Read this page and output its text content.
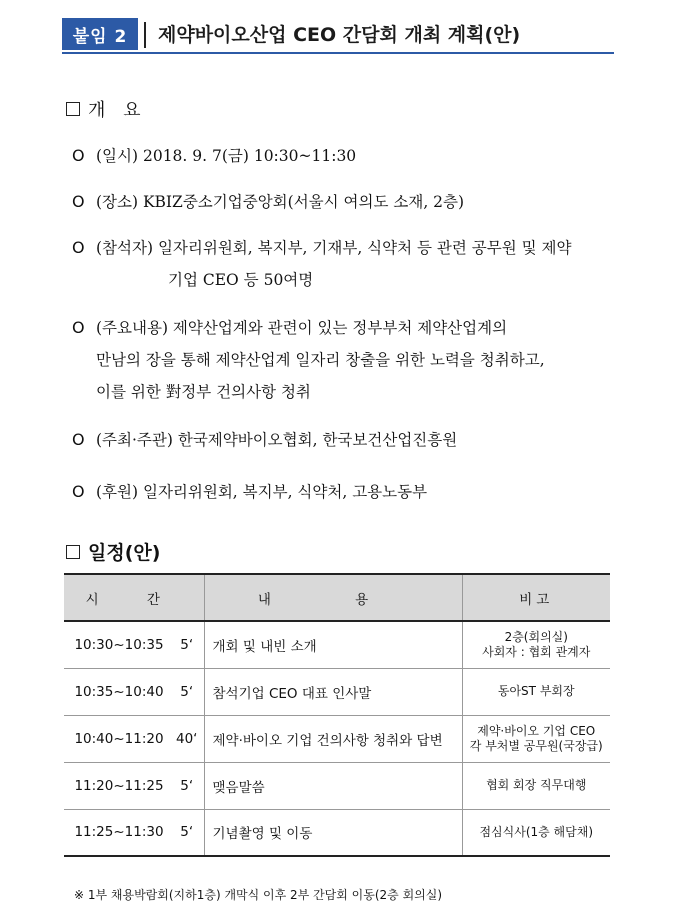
붙임 2	제약바이오산업 CEO 간담회 개최 계획(안)
개 요
O (일시) 2018. 9. 7(금) 10:30~11:30
O (장소) KBIZ중소기업중앙회(서울시 여의도 소재, 2층)
O (참석자) 일자리위원회, 복지부, 기재부, 식약처 등 관련 공무원 및 제약
기업 CEO 등 50여명
O (주요내용) 제약산업계와 관련이 있는 정부부처 제약산업계의
만남의 장을 통해 제약산업계 일자리 창출을 위한 노력을 청취하고,
이를 위한 對정부 건의사항 청취
O (주최·주관) 한국제약바이오협회, 한국보건산업진흥원
O (후원) 일자리위원회, 복지부, 식약처, 고용노동부
일정(안)
시 간		내 용	비고
10:30~10:35	5‘	개회 및 내빈 소개	2층(회의실)
사회자 : 협회 관계자

10:35~10:40	5‘	참석기업 CEO 대표 인사말	동아ST 부회장

10:40~11:20	40‘	제약·바이오 기업 건의사항 청취와 답변	제약·바이오 기업 CEO
각 부처별 공무원(국장급)

11:20~11:25	5‘	맺음말씀	협회 회장 직무대행

11:25~11:30	5‘	기념촬영 및 이동	점심식사(1층 해담채)
※ 1부 채용박람회(지하1층) 개막식 이후 2부 간담회 이동(2층 회의실)
